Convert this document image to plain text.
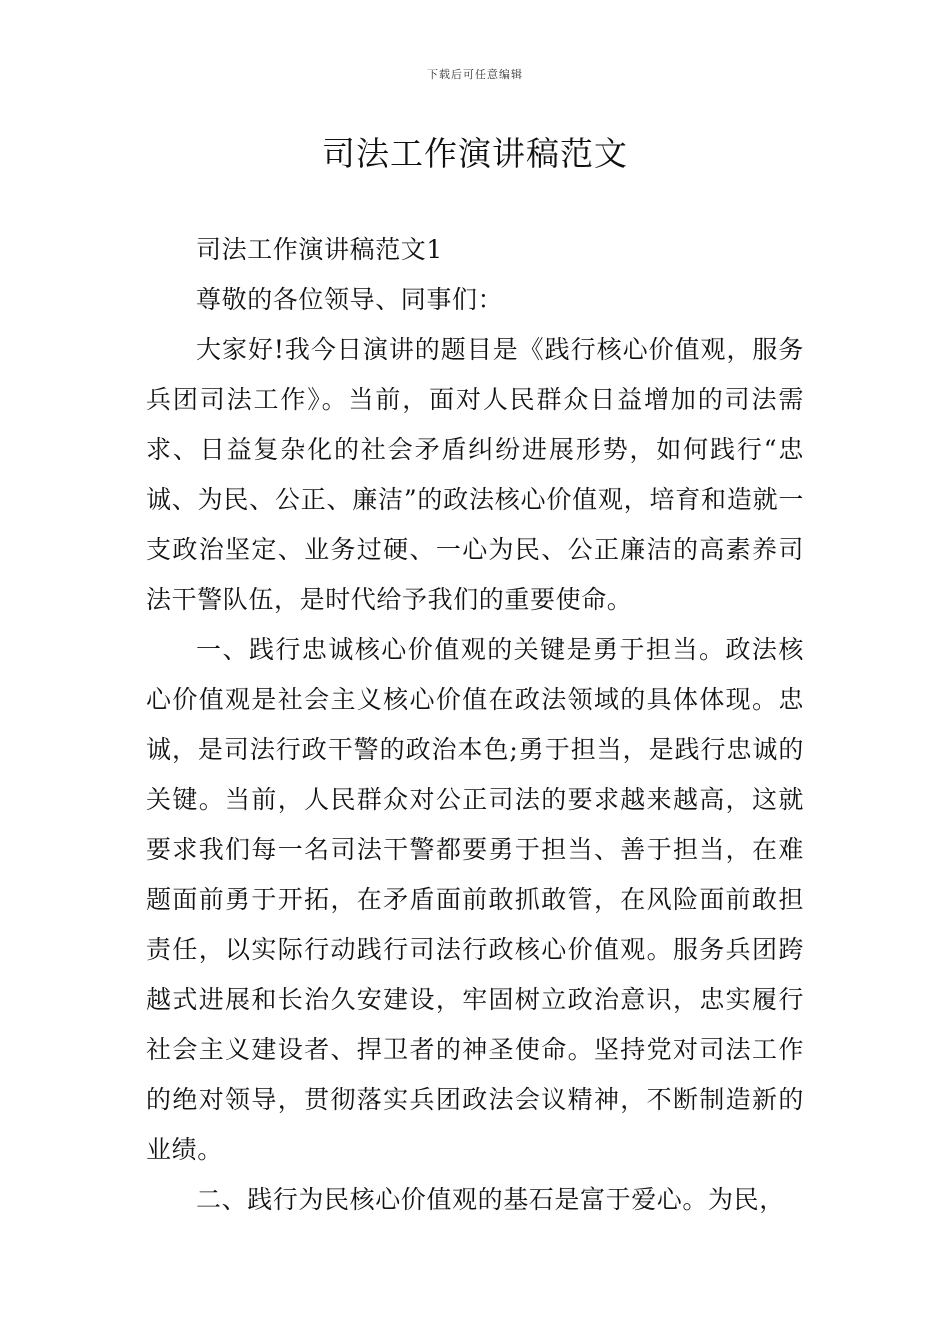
下载后可任意编辑
司法工作演讲稿范文

司法工作演讲稿范文1

尊敬的各位领导、同事们：

大家好!我今日演讲的题目是《践行核心价值观，服务兵团司法工作》。当前，面对人民群众日益增加的司法需求、日益复杂化的社会矛盾纠纷进展形势，如何践行“忠诚、为民、公正、廉洁”的政法核心价值观，培育和造就一支政治坚定、业务过硬、一心为民、公正廉洁的高素养司法干警队伍，是时代给予我们的重要使命。

一、践行忠诚核心价值观的关键是勇于担当。政法核心价值观是社会主义核心价值在政法领域的具体体现。忠诚，是司法行政干警的政治本色;勇于担当，是践行忠诚的关键。当前，人民群众对公正司法的要求越来越高，这就要求我们每一名司法干警都要勇于担当、善于担当，在难题面前勇于开拓，在矛盾面前敢抓敢管，在风险面前敢担责任，以实际行动践行司法行政核心价值观。服务兵团跨越式进展和长治久安建设，牢固树立政治意识，忠实履行社会主义建设者、捍卫者的神圣使命。坚持党对司法工作的绝对领导，贯彻落实兵团政法会议精神，不断制造新的业绩。

二、践行为民核心价值观的基石是富于爱心。为民，
